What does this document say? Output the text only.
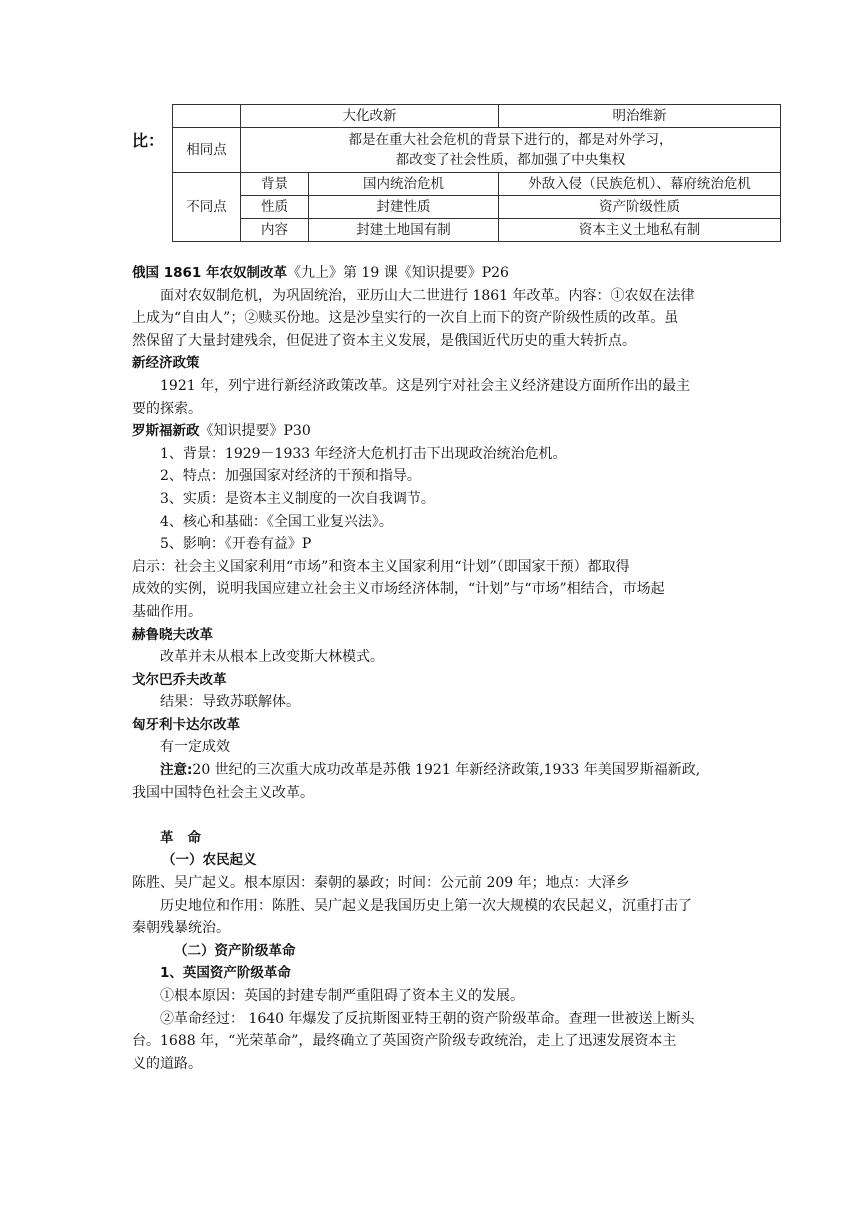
比：
	大化改新		明治维新
相同点	都是在重大社会危机的背景下进行的，都是对外学习，
都改变了社会性质，都加强了中央集权		

不同点	背景	国内统治危机	外敌入侵（民族危机）、幕府统治危机
	性质	封建性质	资产阶级性质
	内容	封建土地国有制	资本主义土地私有制
俄国 1861 年农奴制改革《九上》第 19 课《知识提要》P26
面对农奴制危机，为巩固统治，亚历山大二世进行 1861 年改革。内容：①农奴在法律
上成为“自由人”；②赎买份地。这是沙皇实行的一次自上而下的资产阶级性质的改革。虽
然保留了大量封建残余，但促进了资本主义发展，是俄国近代历史的重大转折点。
新经济政策
1921 年，列宁进行新经济政策改革。这是列宁对社会主义经济建设方面所作出的最主
要的探索。
罗斯福新政《知识提要》P30
1、背景：1929－1933 年经济大危机打击下出现政治统治危机。
2、特点：加强国家对经济的干预和指导。
3、实质：是资本主义制度的一次自我调节。
4、核心和基础：《全国工业复兴法》。
5、影响：《开卷有益》P
启示：社会主义国家利用“市场”和资本主义国家利用“计划”（即国家干预）都取得
成效的实例，说明我国应建立社会主义市场经济体制，“计划”与“市场”相结合，市场起
基础作用。
赫鲁晓夫改革
改革并未从根本上改变斯大林模式。
戈尔巴乔夫改革
结果：导致苏联解体。
匈牙利卡达尔改革
有一定成效
注意:20 世纪的三次重大成功改革是苏俄 1921 年新经济政策,1933 年美国罗斯福新政,
我国中国特色社会主义改革。
革命
（一）农民起义
陈胜、吴广起义。根本原因：秦朝的暴政；时间：公元前 209 年；地点：大泽乡
历史地位和作用：陈胜、吴广起义是我国历史上第一次大规模的农民起义，沉重打击了
秦朝残暴统治。
（二）资产阶级革命
1、英国资产阶级革命
①根本原因：英国的封建专制严重阻碍了资本主义的发展。
②革命经过： 1640 年爆发了反抗斯图亚特王朝的资产阶级革命。查理一世被送上断头
台。1688 年，“光荣革命”，最终确立了英国资产阶级专政统治，走上了迅速发展资本主
义的道路。
